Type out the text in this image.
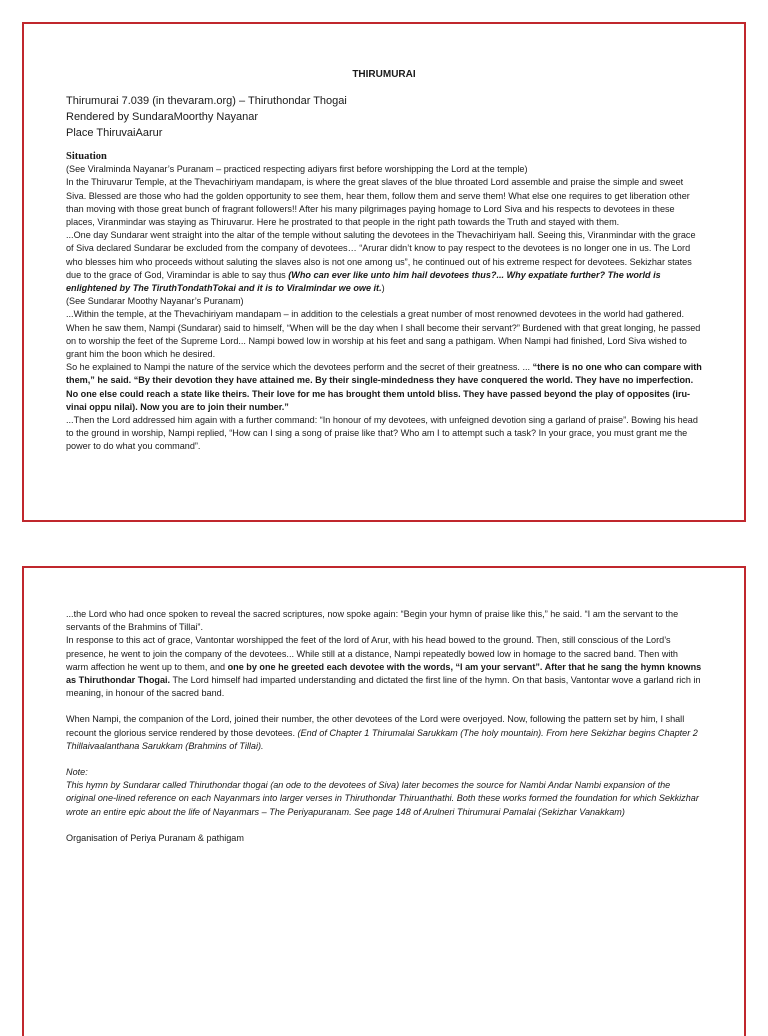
THIRUMURAI

Thirumurai 7.039 (in thevaram.org) – Thiruthondar Thogai
Rendered by SundaraMoorthy Nayanar
Place ThiruvaiAarur
Situation

(See Viralminda Nayanar’s Puranam – practiced respecting adiyars first before worshipping the Lord at the temple)

In the Thiruvarur Temple, at the Thevachiriyam mandapam, is where the great slaves of the blue throated Lord assemble and praise the simple and sweet Siva. Blessed are those who had the golden opportunity to see them, hear them, follow them and serve them! What else one requires to get liberation other than moving with those great bunch of fragrant followers!! After his many pilgrimages paying homage to Lord Siva and his respects to devotees in these places, Viranmindar was staying as Thiruvarur. Here he prostrated to that people in the right path towards the Truth and stayed with them.

...One day Sundarar went straight into the altar of the temple without saluting the devotees in the Thevachiriyam hall. Seeing this, Viranmindar with the grace of Siva declared Sundarar be excluded from the company of devotees… “Arurar didn’t know to pay respect to the devotees is no longer one in us. The Lord who blesses him who proceeds without saluting the slaves also is not one among us”, he continued out of his extreme respect for devotees. Sekizhar states due to the grace of God, Viramindar is able to say thus (Who can ever like unto him hail devotees thus?... Why expatiate further? The world is enlightened by The TiruthTondathTokai and it is to Viralmindar we owe it.)

(See Sundarar Moothy Nayanar’s Puranam)

...Within the temple, at the Thevachiriyam mandapam – in addition to the celestials a great number of most renowned devotees in the world had gathered. When he saw them, Nampi (Sundarar) said to himself, “When will be the day when I shall become their servant?” Burdened with that great longing, he passed on to worship the feet of the Supreme Lord... Nampi bowed low in worship at his feet and sang a pathigam. When Nampi had finished, Lord Siva wished to grant him the boon which he desired.

So he explained to Nampi the nature of the service which the devotees perform and the secret of their greatness. ... “there is no one who can compare with them,” he said. “By their devotion they have attained me. By their single-mindedness they have conquered the world. They have no imperfection. No one else could reach a state like theirs. Their love for me has brought them untold bliss. They have passed beyond the play of opposites (iru-vinai oppu nilai). Now you are to join their number.”

...Then the Lord addressed him again with a further command: “In honour of my devotees, with unfeigned devotion sing a garland of praise”. Bowing his head to the ground in worship, Nampi replied, “How can I sing a song of praise like that? Who am I to attempt such a task? In your grace, you must grant me the power to do what you command”.

...the Lord who had once spoken to reveal the sacred scriptures, now spoke again: “Begin your hymn of praise like this,” he said. “I am the servant to the servants of the Brahmins of Tillai”.

In response to this act of grace, Vantontar worshipped the feet of the lord of Arur, with his head bowed to the ground. Then, still conscious of the Lord’s presence, he went to join the company of the devotees... While still at a distance, Nampi repeatedly bowed low in homage to the sacred band. Then with warm affection he went up to them, and one by one he greeted each devotee with the words, “I am your servant”. After that he sang the hymn knowns as Thiruthondar Thogai. The Lord himself had imparted understanding and dictated the first line of the hymn. On that basis, Vantontar wove a garland rich in meaning, in honour of the sacred band.

When Nampi, the companion of the Lord, joined their number, the other devotees of the Lord were overjoyed. Now, following the pattern set by him, I shall recount the glorious service rendered by those devotees. (End of Chapter 1 Thirumalai Sarukkam (The holy mountain). From here Sekizhar begins Chapter 2 Thillaivaalanthana Sarukkam (Brahmins of Tillai).

Note:

This hymn by Sundarar called Thiruthondar thogai (an ode to the devotees of Siva) later becomes the source for Nambi Andar Nambi expansion of the original one-lined reference on each Nayanmars into larger verses in Thiruthondar Thiruanthathi. Both these works formed the foundation for which Sekkizhar wrote an entire epic about the life of Nayanmars – The Periyapuranam. See page 148 of Arulneri Thirumurai Pamalai (Sekizhar Vanakkam)

Organisation of Periya Puranam & pathigam
